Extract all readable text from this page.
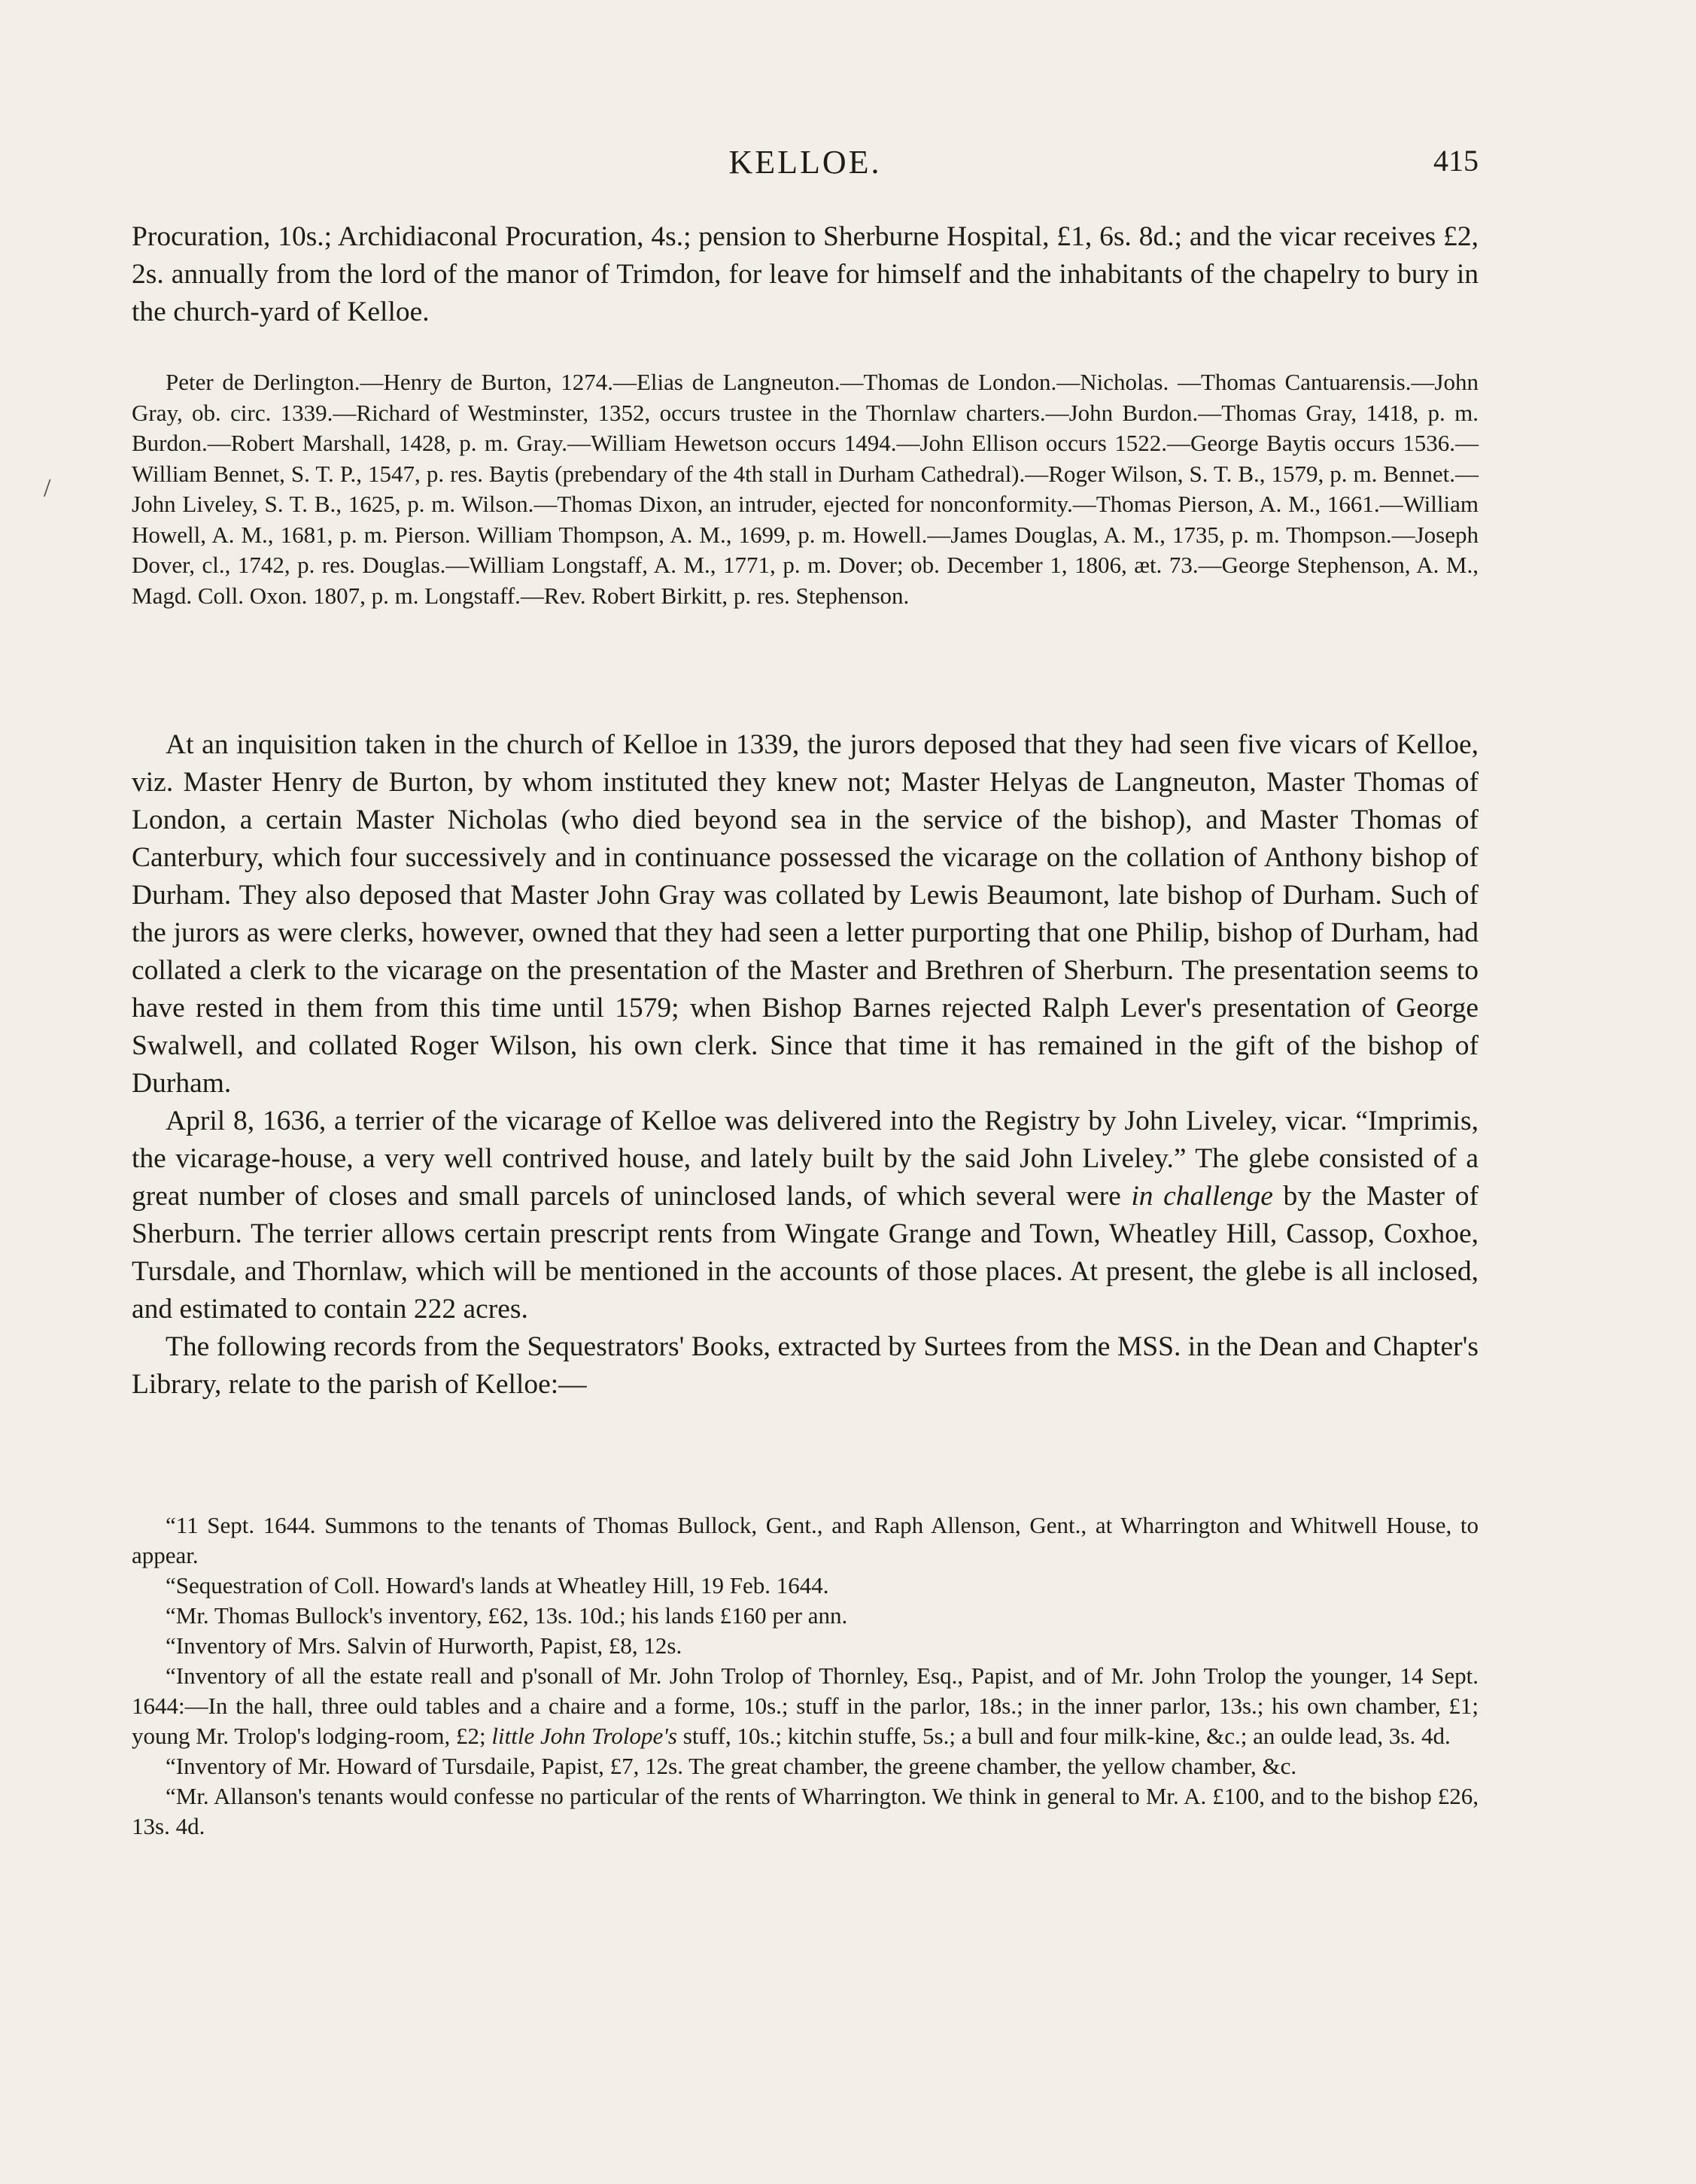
KELLOE.	415
/

Procuration, 10s.; Archidiaconal Procuration, 4s.; pension to Sherburne Hospital, £1, 6s. 8d.; and the vicar receives £2, 2s. annually from the lord of the manor of Trimdon, for leave for himself and the inhabitants of the chapelry to bury in the church-yard of Kelloe.

Peter de Derlington.—Henry de Burton, 1274.—Elias de Langneuton.—Thomas de London.—Nicholas. —Thomas Cantuarensis.—John Gray, ob. circ. 1339.—Richard of Westminster, 1352, occurs trustee in the Thornlaw charters.—John Burdon.—Thomas Gray, 1418, p. m. Burdon.—Robert Marshall, 1428, p. m. Gray.—William Hewetson occurs 1494.—John Ellison occurs 1522.—George Baytis occurs 1536.—William Bennet, S. T. P., 1547, p. res. Baytis (prebendary of the 4th stall in Durham Cathedral).—Roger Wilson, S. T. B., 1579, p. m. Bennet.—John Liveley, S. T. B., 1625, p. m. Wilson.—Thomas Dixon, an intruder, ejected for nonconformity.—Thomas Pierson, A. M., 1661.—William Howell, A. M., 1681, p. m. Pierson. William Thompson, A. M., 1699, p. m. Howell.—James Douglas, A. M., 1735, p. m. Thompson.—Joseph Dover, cl., 1742, p. res. Douglas.—William Longstaff, A. M., 1771, p. m. Dover; ob. December 1, 1806, æt. 73.—George Stephenson, A. M., Magd. Coll. Oxon. 1807, p. m. Longstaff.—Rev. Robert Birkitt, p. res. Stephenson.

At an inquisition taken in the church of Kelloe in 1339, the jurors deposed that they had seen five vicars of Kelloe, viz. Master Henry de Burton, by whom instituted they knew not; Master Helyas de Langneuton, Master Thomas of London, a certain Master Nicholas (who died beyond sea in the service of the bishop), and Master Thomas of Canterbury, which four successively and in continuance possessed the vicarage on the collation of Anthony bishop of Durham. They also deposed that Master John Gray was collated by Lewis Beaumont, late bishop of Durham. Such of the jurors as were clerks, however, owned that they had seen a letter purporting that one Philip, bishop of Durham, had collated a clerk to the vicarage on the presentation of the Master and Brethren of Sherburn. The presentation seems to have rested in them from this time until 1579; when Bishop Barnes rejected Ralph Lever's presentation of George Swalwell, and collated Roger Wilson, his own clerk. Since that time it has remained in the gift of the bishop of Durham.

April 8, 1636, a terrier of the vicarage of Kelloe was delivered into the Registry by John Liveley, vicar. “Imprimis, the vicarage-house, a very well contrived house, and lately built by the said John Liveley.” The glebe consisted of a great number of closes and small parcels of uninclosed lands, of which several were in challenge by the Master of Sherburn. The terrier allows certain prescript rents from Wingate Grange and Town, Wheatley Hill, Cassop, Coxhoe, Tursdale, and Thornlaw, which will be mentioned in the accounts of those places. At present, the glebe is all inclosed, and estimated to contain 222 acres.

The following records from the Sequestrators' Books, extracted by Surtees from the MSS. in the Dean and Chapter's Library, relate to the parish of Kelloe:—

“11 Sept. 1644. Summons to the tenants of Thomas Bullock, Gent., and Raph Allenson, Gent., at Wharrington and Whitwell House, to appear.

“Sequestration of Coll. Howard's lands at Wheatley Hill, 19 Feb. 1644.

“Mr. Thomas Bullock's inventory, £62, 13s. 10d.; his lands £160 per ann.

“Inventory of Mrs. Salvin of Hurworth, Papist, £8, 12s.

“Inventory of all the estate reall and p'sonall of Mr. John Trolop of Thornley, Esq., Papist, and of Mr. John Trolop the younger, 14 Sept. 1644:—In the hall, three ould tables and a chaire and a forme, 10s.; stuff in the parlor, 18s.; in the inner parlor, 13s.; his own chamber, £1; young Mr. Trolop's lodging-room, £2; little John Trolope's stuff, 10s.; kitchin stuffe, 5s.; a bull and four milk-kine, &c.; an oulde lead, 3s. 4d.

“Inventory of Mr. Howard of Tursdaile, Papist, £7, 12s. The great chamber, the greene chamber, the yellow chamber, &c.

“Mr. Allanson's tenants would confesse no particular of the rents of Wharrington. We think in general to Mr. A. £100, and to the bishop £26, 13s. 4d.
